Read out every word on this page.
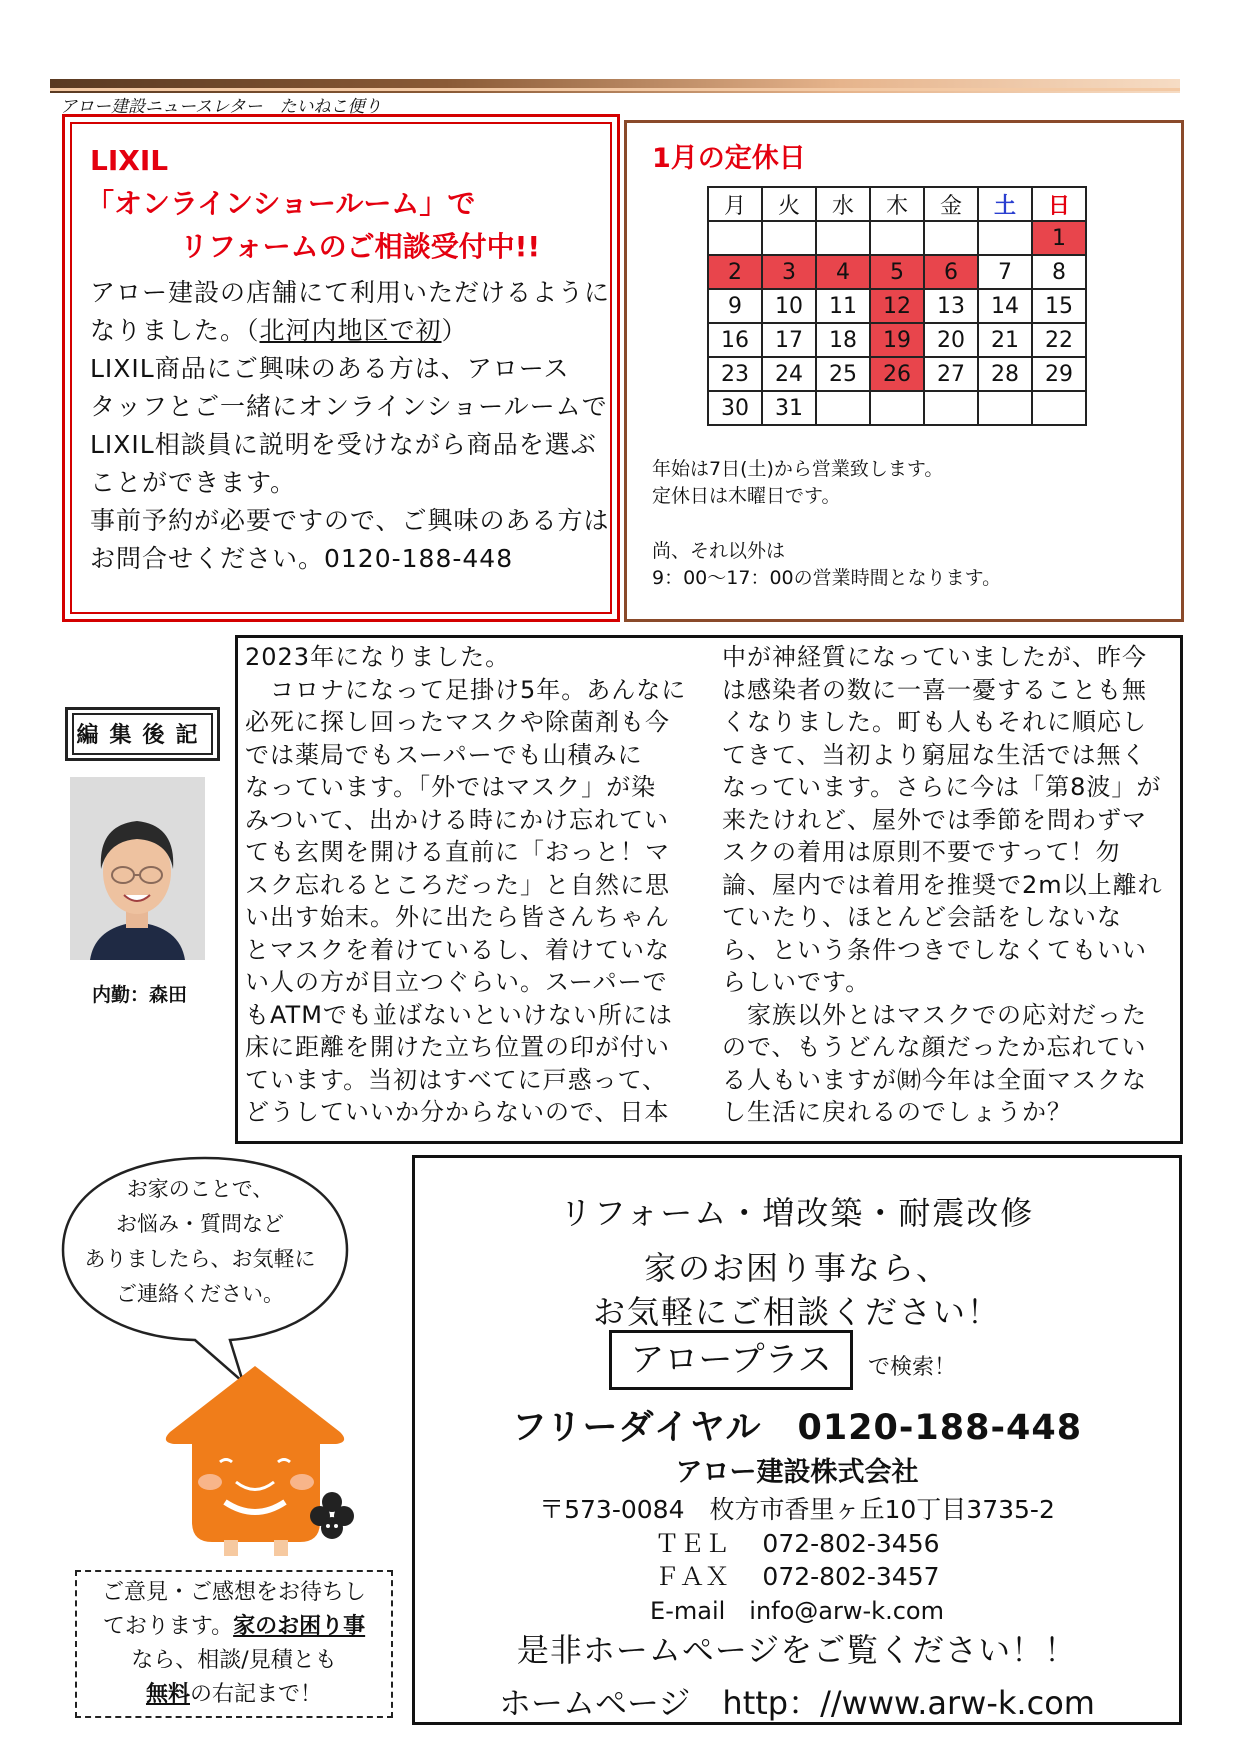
アロー建設ニュースレター　たいねこ便り
LIXIL
「オンラインショールーム」で
リフォームのご相談受付中!!
アロー建設の店舗にて利用いただけるように
なりました。（北河内地区で初）
LIXIL商品にご興味のある方は、アロース
タッフとご一緒にオンラインショールームで
LIXIL相談員に説明を受けながら商品を選ぶ
ことができます。
事前予約が必要ですので、ご興味のある方は
お問合せください。0120-188-448
1月の定休日
月	火	水	木	金	土	日
						1
2	3	4	5	6	7	8
9	10	11	12	13	14	15
16	17	18	19	20	21	22
23	24	25	26	27	28	29
30	31					
年始は7日(土)から営業致します。
定休日は木曜日です。
尚、それ以外は
9：00～17：00の営業時間となります。
編集後記
内勤：森田
2023年になりました。
　コロナになって足掛け5年。あんなに
必死に探し回ったマスクや除菌剤も今
では薬局でもスーパーでも山積みに
なっています。「外ではマスク」が染
みついて、出かける時にかけ忘れてい
ても玄関を開ける直前に「おっと！マ
スク忘れるところだった」と自然に思
い出す始末。外に出たら皆さんちゃん
とマスクを着けているし、着けていな
い人の方が目立つぐらい。スーパーで
もATMでも並ばないといけない所には
床に距離を開けた立ち位置の印が付い
ています。当初はすべてに戸惑って、
どうしていいか分からないので、日本
中が神経質になっていましたが、昨今
は感染者の数に一喜一憂することも無
くなりました。町も人もそれに順応し
てきて、当初より窮屈な生活では無く
なっています。さらに今は「第8波」が
来たけれど、屋外では季節を問わずマ
スクの着用は原則不要ですって！勿
論、屋内では着用を推奨で2m以上離れ
ていたり、ほとんど会話をしないな
ら、という条件つきでしなくてもいい
らしいです。
　家族以外とはマスクでの応対だった
ので、もうどんな顔だったか忘れてい
る人もいますが㈶今年は全面マスクな
し生活に戻れるのでしょうか？
お家のことで、
お悩み・質問など
ありましたら、お気軽に
ご連絡ください。
ご意見・ご感想をお待ちし
ております。家のお困り事
なら、相談/見積とも
無料の右記まで！
リフォーム・増改築・耐震改修
家のお困り事なら、
お気軽にご相談ください！
アロープラス	で検索！
フリーダイヤル　0120-188-448
アロー建設株式会社
〒573-0084　枚方市香里ヶ丘10丁目3735-2
ＴＥＬ　 072-802-3456
ＦＡＸ　 072-802-3457
E-mail　info@arw-k.com
是非ホームページをご覧ください！！
ホームページ　http：//www.arw-k.com
